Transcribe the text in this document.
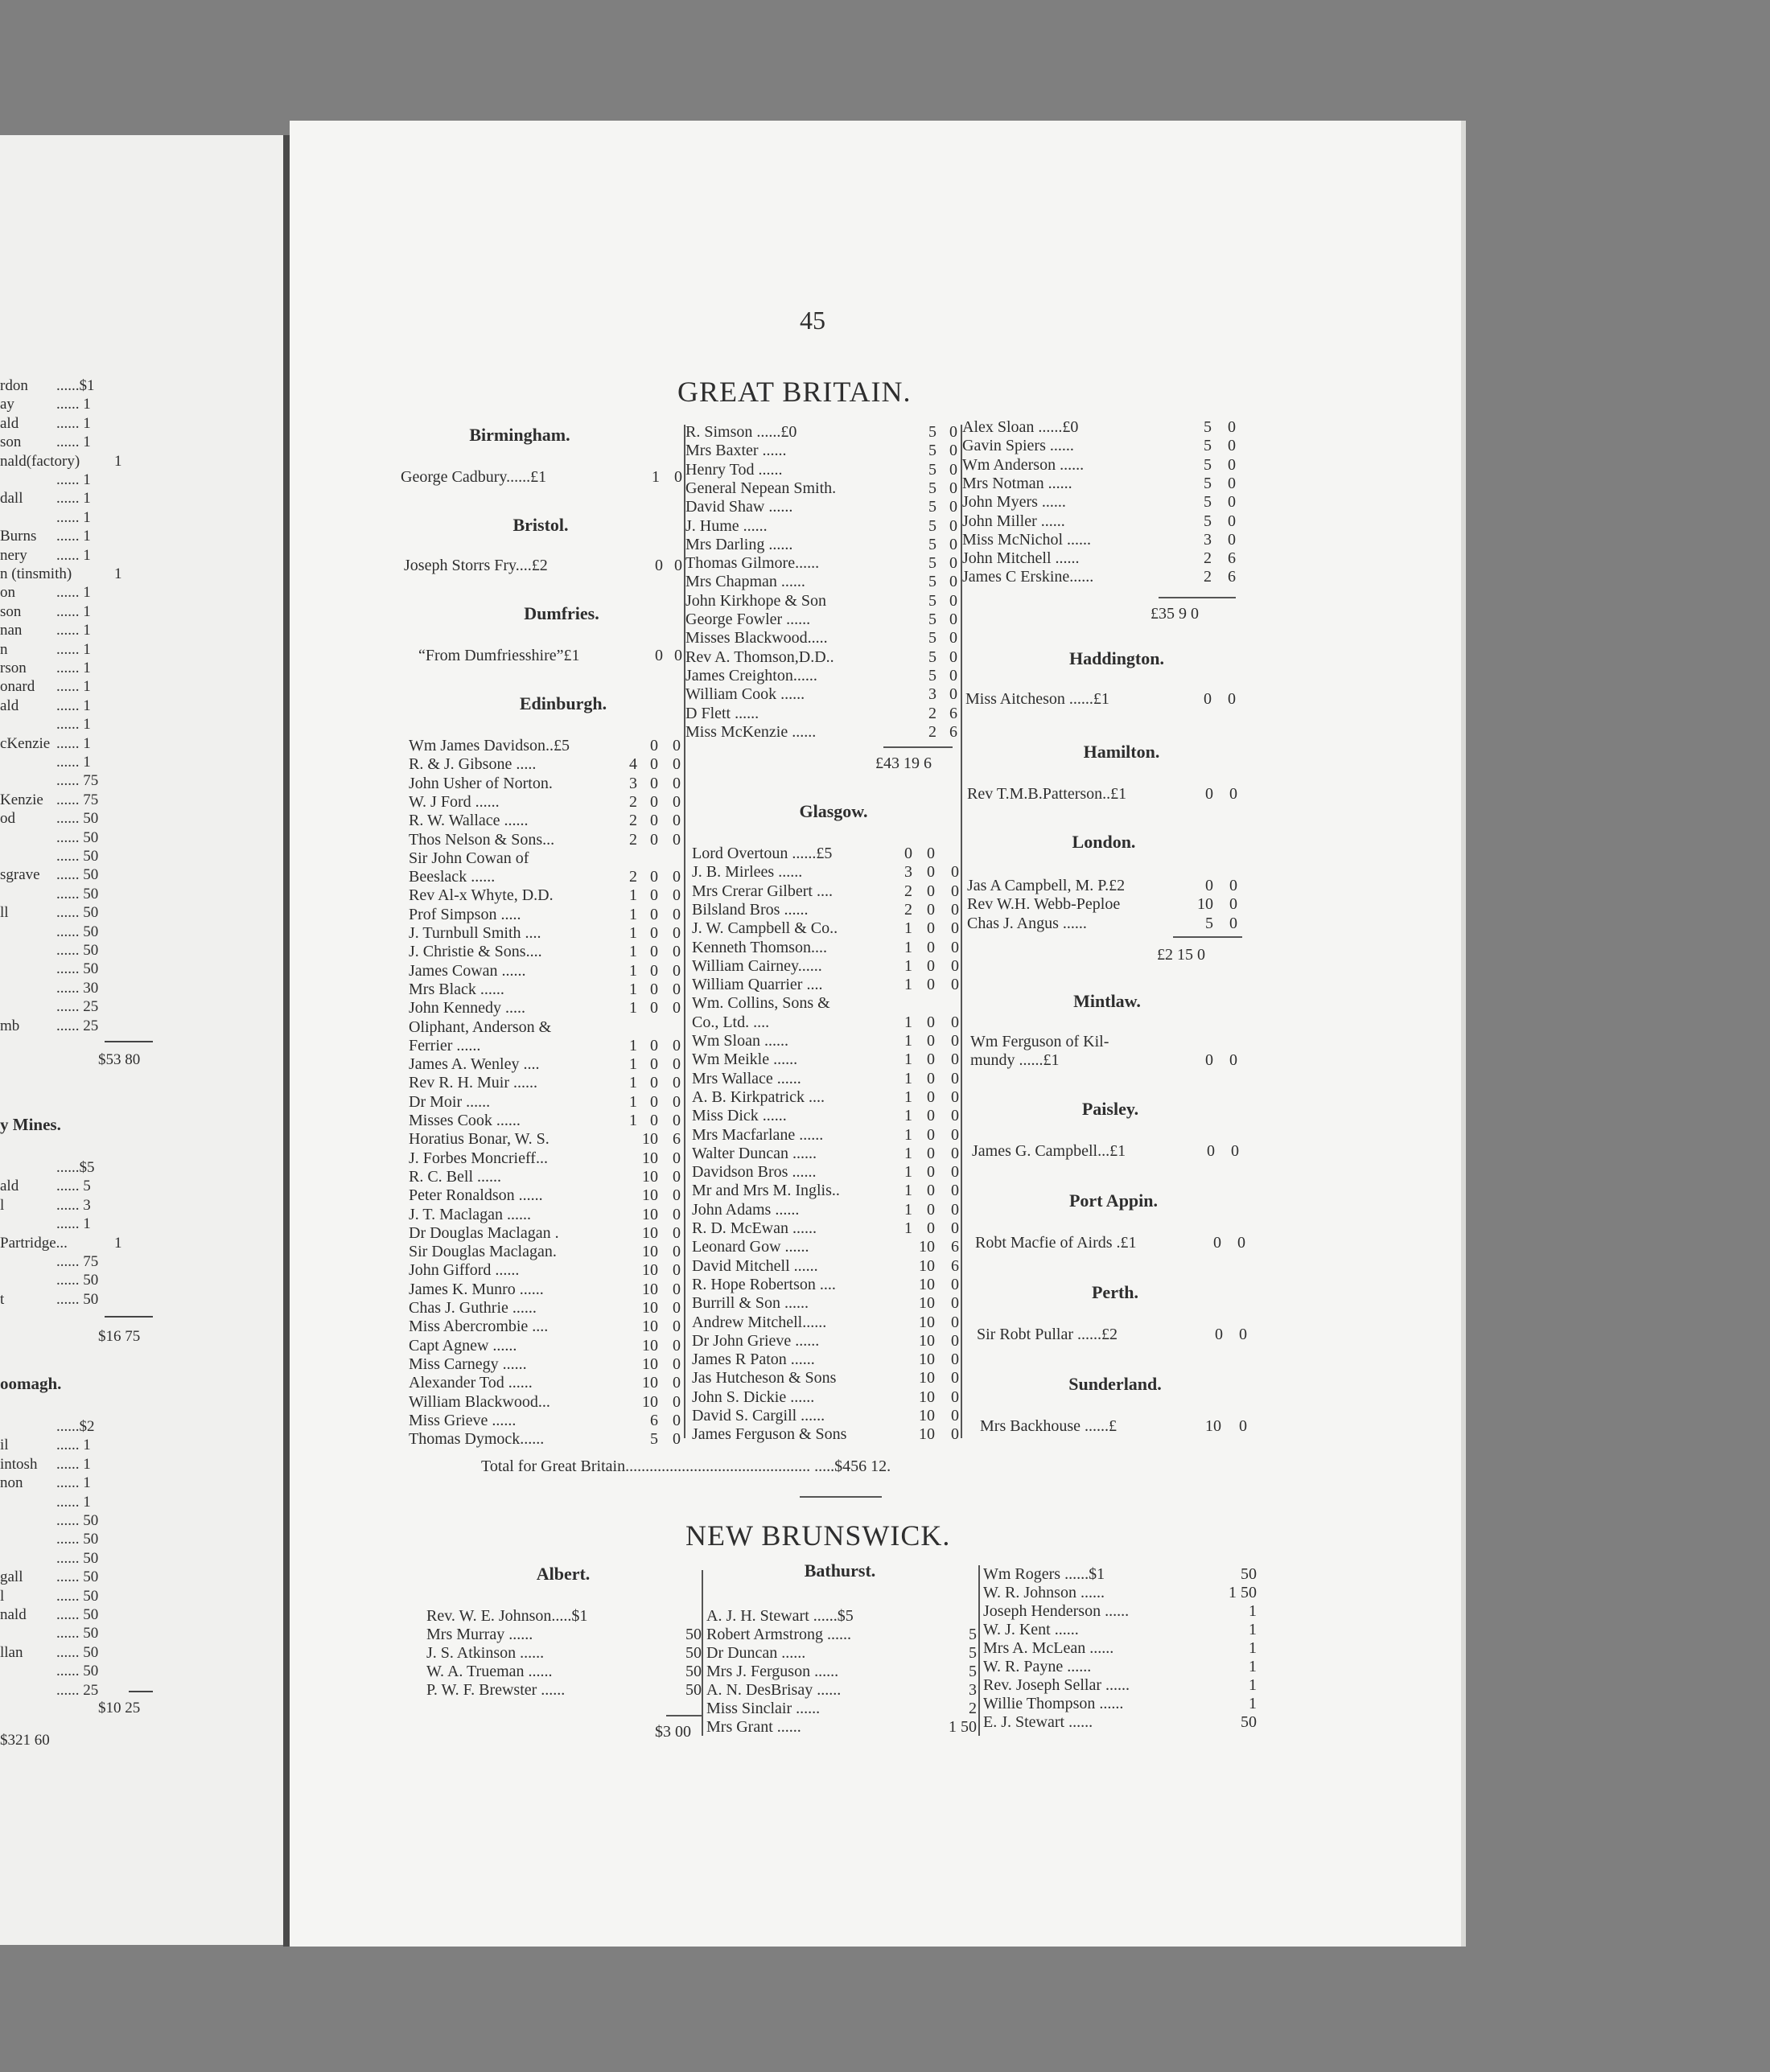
rdon ......$1
ay	...... 1
ald ...... 1
son ...... 1
nald(factory) 1
...... 1
dall ...... 1
...... 1
Burns ...... 1
nery ...... 1
n (tinsmith)	1
on	...... 1
son ...... 1
nan ...... 1
n	...... 1
rson ...... 1
onard ...... 1
ald ...... 1
...... 1
cKenzie ...... 1
...... 1
...... 75
Kenzie ...... 75
od	...... 50
...... 50
...... 50
sgrave ...... 50
...... 50
ll	...... 50
...... 50
...... 50
...... 50
...... 30
...... 25
mb ...... 25
$53 80
y Mines.
......$5
ald ...... 5
l	...... 3
...... 1
Partridge...	1
...... 75
...... 50
t	...... 50
$16 75
oomagh.
......$2
il	...... 1
intosh ...... 1
non ...... 1
...... 1
...... 50
...... 50
...... 50
gall ...... 50
l	...... 50
nald ...... 50
...... 50
llan ...... 50
...... 50
...... 25
$10 25
$321 60
45
GREAT BRITAIN.
Birmingham.
George Cadbury......£1	1 0
Bristol.
Joseph Storrs Fry....£2	0 0
Dumfries.
“From Dumfriesshire”£1	0 0
Edinburgh.
Wm James Davidson..£5	0 0
R. & J. Gibsone .....	4 0 0
John Usher of Norton.	3 0 0
W. J Ford ......	2 0 0
R. W. Wallace ......	2 0 0
Thos Nelson & Sons...	2 0 0
Sir John Cowan of
Beeslack ......	2 0 0
Rev Al-x Whyte, D.D.	1 0 0
Prof Simpson .....	1 0 0
J. Turnbull Smith ....	1 0 0
J. Christie & Sons....	1 0 0
James Cowan ......	1 0 0
Mrs Black ......	1 0 0
John Kennedy .....	1 0 0
Oliphant, Anderson &
Ferrier ......	1 0 0
James A. Wenley ....	1 0 0
Rev R. H. Muir ......	1 0 0
Dr Moir ......	1 0 0
Misses Cook ......	1 0 0
Horatius Bonar, W. S.	10 6
J. Forbes Moncrieff...	10 0
R. C. Bell ......	10 0
Peter Ronaldson ......	10 0
J. T. Maclagan ......	10 0
Dr Douglas Maclagan .	10 0
Sir Douglas Maclagan.	10 0
John Gifford ......	10 0
James K. Munro ......	10 0
Chas J. Guthrie ......	10 0
Miss Abercrombie ....	10 0
Capt Agnew ......	10 0
Miss Carnegy ......	10 0
Alexander Tod ......	10 0
William Blackwood...	10 0
Miss Grieve ......	6 0
Thomas Dymock......	5 0
R. Simson ......£0	5 0
Mrs Baxter ......	5 0
Henry Tod ......	5 0
General Nepean Smith.	5 0
David Shaw ......	5 0
J. Hume ......	5 0
Mrs Darling ......	5 0
Thomas Gilmore......	5 0
Mrs Chapman ......	5 0
John Kirkhope & Son	5 0
George Fowler ......	5 0
Misses Blackwood.....	5 0
Rev A. Thomson,D.D..	5 0
James Creighton......	5 0
William Cook ......	3 0
D Flett ......	2 6
Miss McKenzie ......	2 6
£43 19 6
Glasgow.
Lord Overtoun ......£5	0 0
J. B. Mirlees ......	3 0 0
Mrs Crerar Gilbert ....	2 0 0
Bilsland Bros ......	2 0 0
J. W. Campbell & Co..	1 0 0
Kenneth Thomson....	1 0 0
William Cairney......	1 0 0
William Quarrier ....	1 0 0
Wm. Collins, Sons &
Co., Ltd. ....	1 0 0
Wm Sloan ......	1 0 0
Wm Meikle ......	1 0 0
Mrs Wallace ......	1 0 0
A. B. Kirkpatrick ....	1 0 0
Miss Dick ......	1 0 0
Mrs Macfarlane ......	1 0 0
Walter Duncan ......	1 0 0
Davidson Bros ......	1 0 0
Mr and Mrs M. Inglis..	1 0 0
John Adams ......	1 0 0
R. D. McEwan ......	1 0 0
Leonard Gow ......	10 6
David Mitchell ......	10 6
R. Hope Robertson ....	10 0
Burrill & Son ......	10 0
Andrew Mitchell......	10 0
Dr John Grieve ......	10 0
James R Paton ......	10 0
Jas Hutcheson & Sons	10 0
John S. Dickie ......	10 0
David S. Cargill ......	10 0
James Ferguson & Sons	10 0
Alex Sloan ......£0	5 0
Gavin Spiers ......	5 0
Wm Anderson ......	5 0
Mrs Notman ......	5 0
John Myers ......	5 0
John Miller ......	5 0
Miss McNichol ......	3 0
John Mitchell ......	2 6
James C Erskine......	2 6
£35 9 0
Haddington.
Miss Aitcheson ......£1	0 0
Hamilton.
Rev T.M.B.Patterson..£1	0 0
London.
Jas A Campbell, M. P.£2	0 0
Rev W.H. Webb-Peploe	10 0
Chas J. Angus ......	5 0
£2 15 0
Mintlaw.
Wm Ferguson of Kil-
mundy ......£1	0 0
Paisley.
James G. Campbell...£1	0 0
Port Appin.
Robt Macfie of Airds .£1	0 0
Perth.
Sir Robt Pullar ......£2	0 0
Sunderland.
Mrs Backhouse ......£	10 0
Total for Great Britain.............................................. .....$456 12.
NEW BRUNSWICK.
Albert.
Rev. W. E. Johnson.....$1
Mrs Murray ......	50
J. S. Atkinson ......	50
W. A. Trueman ......	50
P. W. F. Brewster ......	50
$3 00
Bathurst.
A. J. H. Stewart ......$5
Robert Armstrong ......	5
Dr Duncan ......	5
Mrs J. Ferguson ......	5
A. N. DesBrisay ......	3
Miss Sinclair ......	2
Mrs Grant ......	1 50
Wm Rogers ......$1	50
W. R. Johnson ......	1 50
Joseph Henderson ......	1
W. J. Kent ......	1
Mrs A. McLean ......	1
W. R. Payne ......	1
Rev. Joseph Sellar ......	1
Willie Thompson ......	1
E. J. Stewart ......	50
